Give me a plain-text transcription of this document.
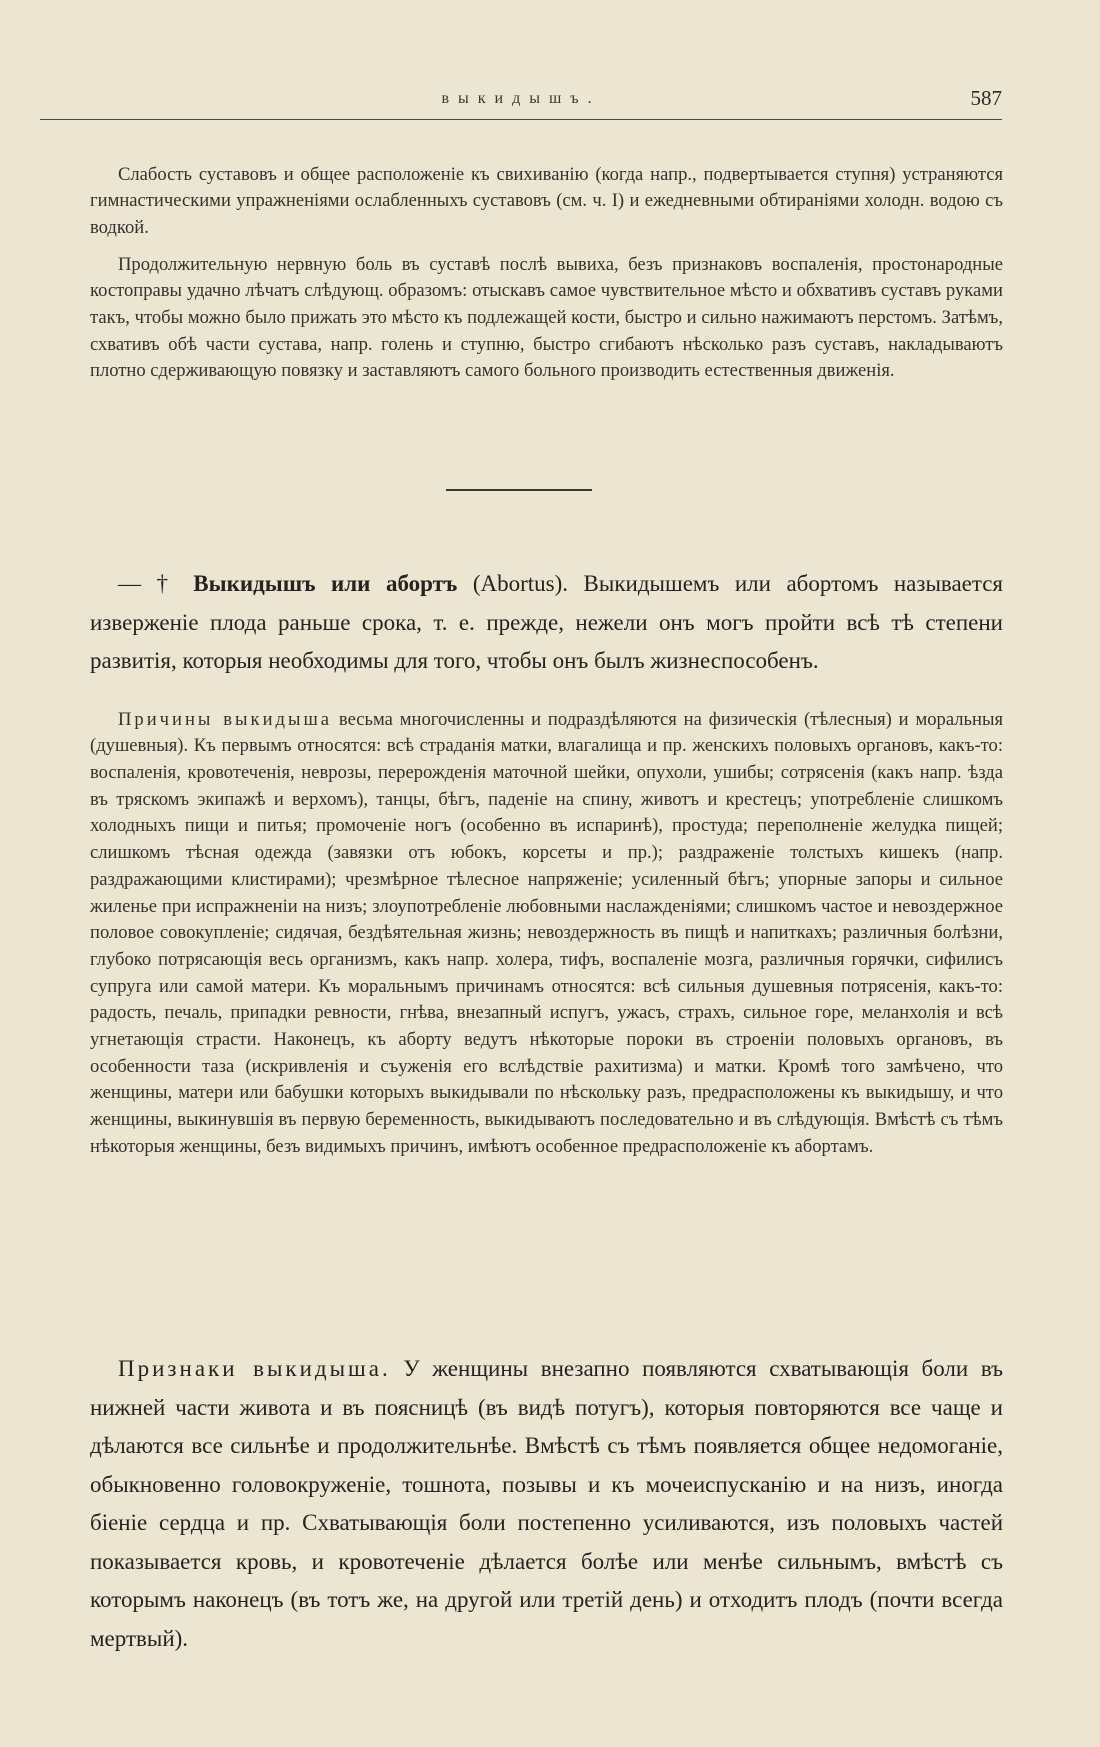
выкидышъ.	587

Слабость суставовъ и общее расположеніе къ свихиванію (когда напр., подвертывается ступня) устраняются гимнастическими упражненіями ослабленныхъ суставовъ (см. ч. I) и ежедневными обтираніями холодн. водою съ водкой.

Продолжительную нервную боль въ суставѣ послѣ вывиха, безъ признаковъ воспаленія, простонародные костоправы удачно лѣчатъ слѣдующ. образомъ: отыскавъ самое чувствительное мѣсто и обхвативъ суставъ руками такъ, чтобы можно было прижать это мѣсто къ подлежащей кости, быстро и сильно нажимаютъ перстомъ. Затѣмъ, схвативъ обѣ части сустава, напр. голень и ступню, быстро сгибаютъ нѣсколько разъ суставъ, накладываютъ плотно сдерживающую повязку и заставляютъ самого больного производить естественныя движенія.

— † Выкидышъ или абортъ (Abortus). Выкидышемъ или абортомъ называется изверженіе плода раньше срока, т. е. прежде, нежели онъ могъ пройти всѣ тѣ степени развитія, которыя необходимы для того, чтобы онъ былъ жизнеспособенъ.

Причины выкидыша весьма многочисленны и подраздѣляются на физическія (тѣлесныя) и моральныя (душевныя). Къ первымъ относятся: всѣ страданія матки, влагалища и пр. женскихъ половыхъ органовъ, какъ-то: воспаленія, кровотеченія, неврозы, перерожденія маточной шейки, опухоли, ушибы; сотрясенія (какъ напр. ѣзда въ тряскомъ экипажѣ и верхомъ), танцы, бѣгъ, паденіе на спину, животъ и крестецъ; употребленіе слишкомъ холодныхъ пищи и питья; промоченіе ногъ (особенно въ испаринѣ), простуда; переполненіе желудка пищей; слишкомъ тѣсная одежда (завязки отъ юбокъ, корсеты и пр.); раздраженіе толстыхъ кишекъ (напр. раздражающими клистирами); чрезмѣрное тѣлесное напряженіе; усиленный бѣгъ; упорные запоры и сильное жиленье при испражненіи на низъ; злоупотребленіе любовными наслажденіями; слишкомъ частое и невоздержное половое совокупленіе; сидячая, бездѣятельная жизнь; невоздержность въ пищѣ и напиткахъ; различныя болѣзни, глубоко потрясающія весь организмъ, какъ напр. холера, тифъ, воспаленіе мозга, различныя горячки, сифилисъ супруга или самой матери. Къ моральнымъ причинамъ относятся: всѣ сильныя душевныя потрясенія, какъ-то: радость, печаль, припадки ревности, гнѣва, внезапный испугъ, ужасъ, страхъ, сильное горе, меланхолія и всѣ угнетающія страсти. Наконецъ, къ аборту ведутъ нѣкоторые пороки въ строеніи половыхъ органовъ, въ особенности таза (искривленія и съуженія его вслѣдствіе рахитизма) и матки. Кромѣ того замѣчено, что женщины, матери или бабушки которыхъ выкидывали по нѣскольку разъ, предрасположены къ выкидышу, и что женщины, выкинувшія въ первую беременность, выкидываютъ последовательно и въ слѣдующія. Вмѣстѣ съ тѣмъ нѣкоторыя женщины, безъ видимыхъ причинъ, имѣютъ особенное предрасположеніе къ абортамъ.

Признаки выкидыша. У женщины внезапно появляются схватывающія боли въ нижней части живота и въ поясницѣ (въ видѣ потугъ), которыя повторяются все чаще и дѣлаются все сильнѣе и продолжительнѣе. Вмѣстѣ съ тѣмъ появляется общее недомоганіе, обыкновенно головокруженіе, тошнота, позывы и къ мочеиспусканію и на низъ, иногда біеніе сердца и пр. Схватывающія боли постепенно усиливаются, изъ половыхъ частей показывается кровь, и кровотеченіе дѣлается болѣе или менѣе сильнымъ, вмѣстѣ съ которымъ наконецъ (въ тотъ же, на другой или третій день) и отходитъ плодъ (почти всегда мертвый).
